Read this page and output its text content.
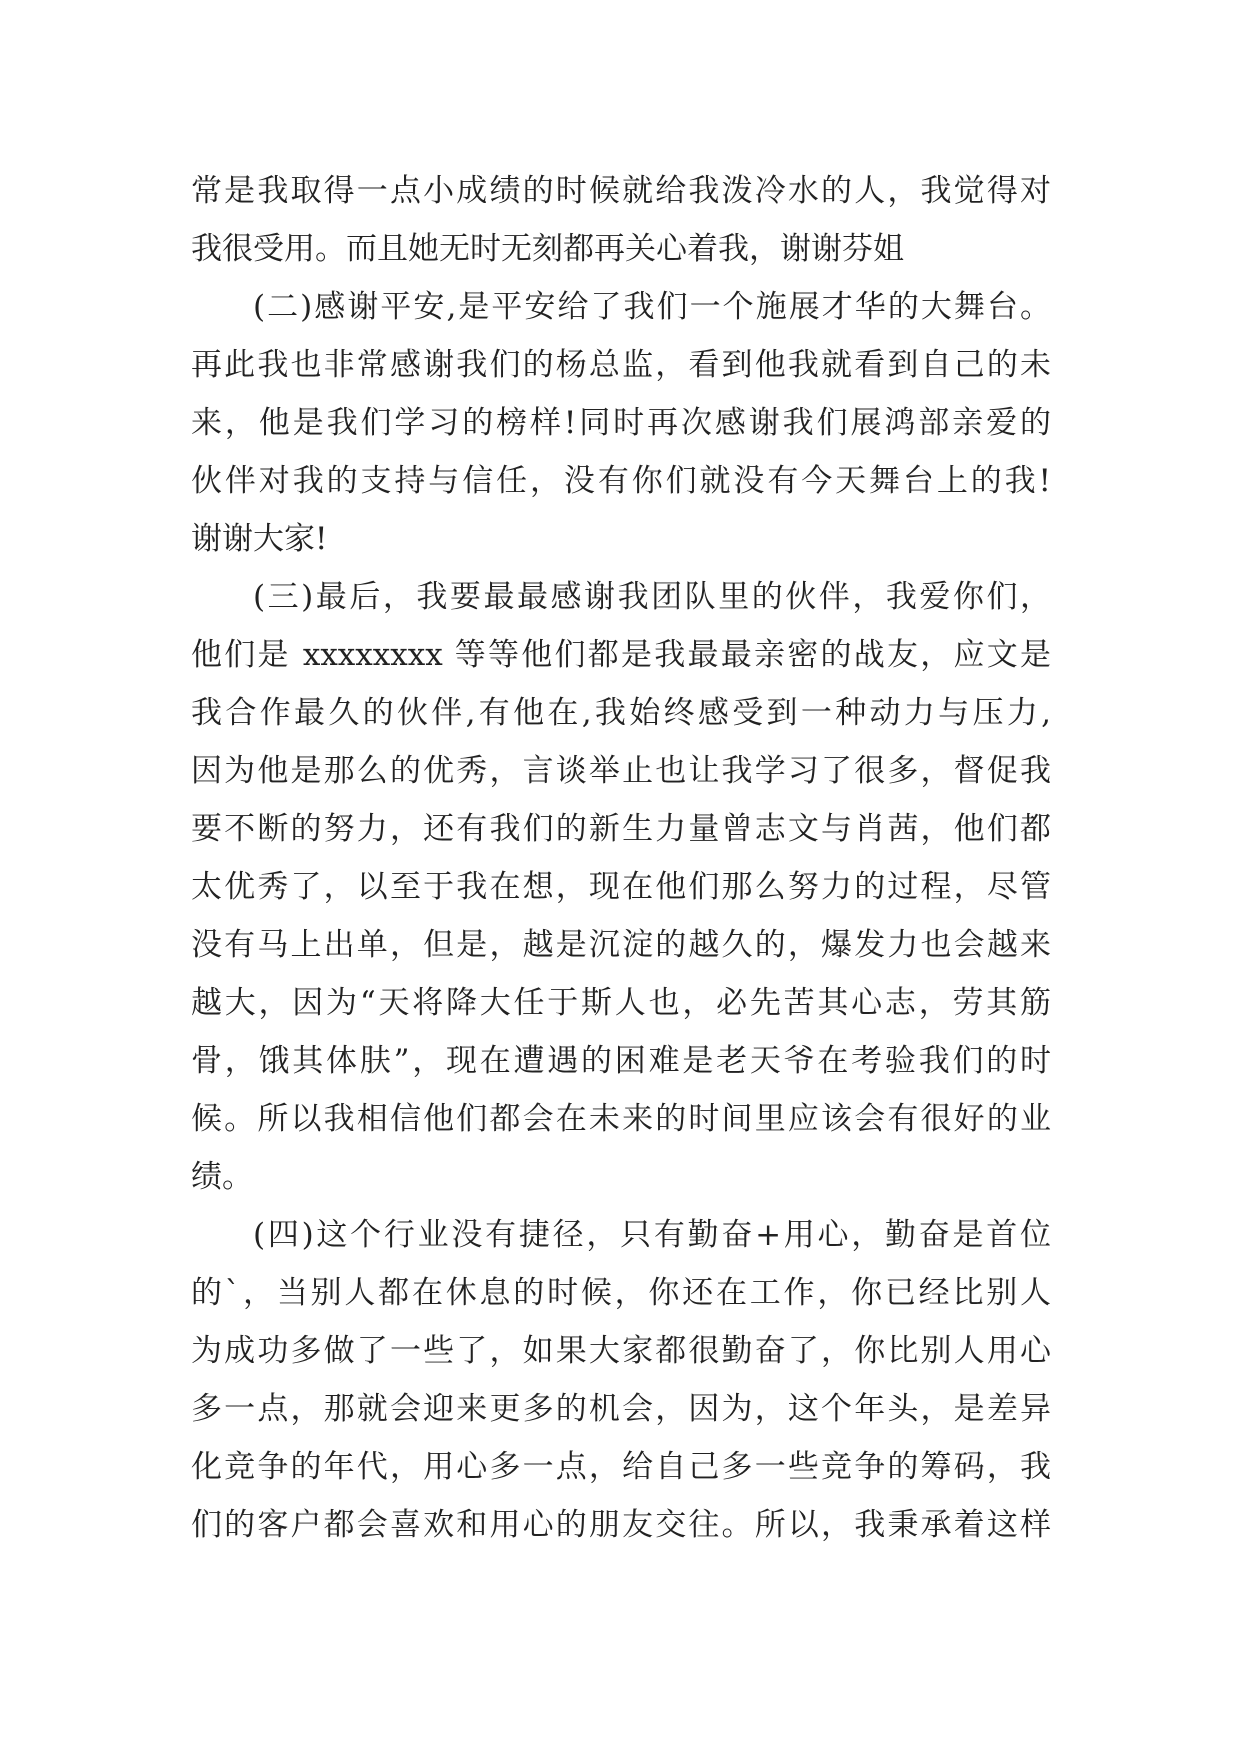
常是我取得一点小成绩的时候就给我泼冷水的人，我觉得对
我很受用。而且她无时无刻都再关心着我，谢谢芬姐
(二)感谢平安,是平安给了我们一个施展才华的大舞台。
再此我也非常感谢我们的杨总监，看到他我就看到自己的未
来，他是我们学习的榜样!同时再次感谢我们展鸿部亲爱的
伙伴对我的支持与信任，没有你们就没有今天舞台上的我!
谢谢大家!
(三)最后，我要最最感谢我团队里的伙伴，我爱你们，
他们是 xxxxxxxx 等等他们都是我最最亲密的战友，应文是
我合作最久的伙伴,有他在,我始终感受到一种动力与压力,
因为他是那么的优秀，言谈举止也让我学习了很多，督促我
要不断的努力，还有我们的新生力量曾志文与肖茜，他们都
太优秀了，以至于我在想，现在他们那么努力的过程，尽管
没有马上出单，但是，越是沉淀的越久的，爆发力也会越来
越大，因为“天将降大任于斯人也，必先苦其心志，劳其筋
骨，饿其体肤”，现在遭遇的困难是老天爷在考验我们的时
候。所以我相信他们都会在未来的时间里应该会有很好的业
绩。
(四)这个行业没有捷径，只有勤奋+用心，勤奋是首位
的`，当别人都在休息的时候，你还在工作，你已经比别人
为成功多做了一些了，如果大家都很勤奋了，你比别人用心
多一点，那就会迎来更多的机会，因为，这个年头，是差异
化竞争的年代，用心多一点，给自己多一些竞争的筹码，我
们的客户都会喜欢和用心的朋友交往。所以，我秉承着这样
